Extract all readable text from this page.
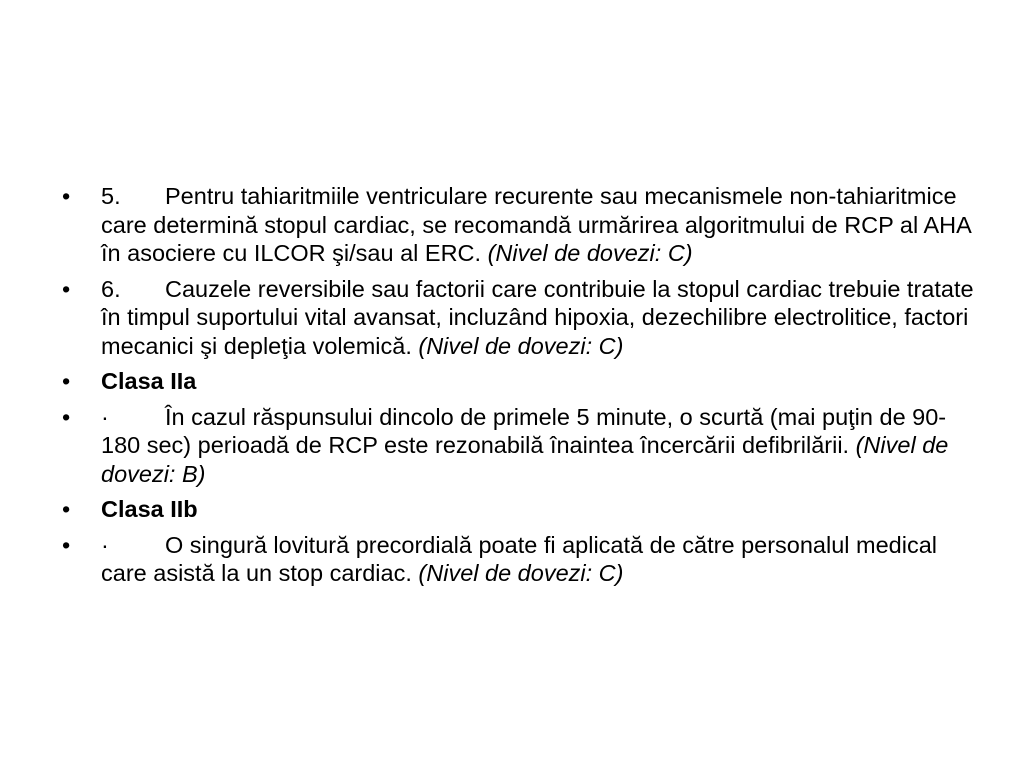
•	5. Pentru tahiaritmiile ventriculare recurente sau mecanismele non-tahiaritmice care determină stopul cardiac, se recomandă urmărirea algoritmului de RCP al AHA în asociere cu ILCOR şi/sau al ERC. (Nivel de dovezi: C)
•	6. Cauzele reversibile sau factorii care contribuie la stopul cardiac trebuie tratate în timpul suportului vital avansat, incluzând hipoxia, dezechilibre electrolitice, factori mecanici şi depleţia volemică. (Nivel de dovezi: C)
•	Clasa IIa
•	· În cazul răspunsului dincolo de primele 5 minute, o scurtă (mai puţin de 90-180 sec) perioadă de RCP este rezonabilă înaintea încercării defibrilării. (Nivel de dovezi: B)
•	Clasa IIb
•	· O singură lovitură precordială poate fi aplicată de către personalul medical care asistă la un stop cardiac. (Nivel de dovezi: C)
